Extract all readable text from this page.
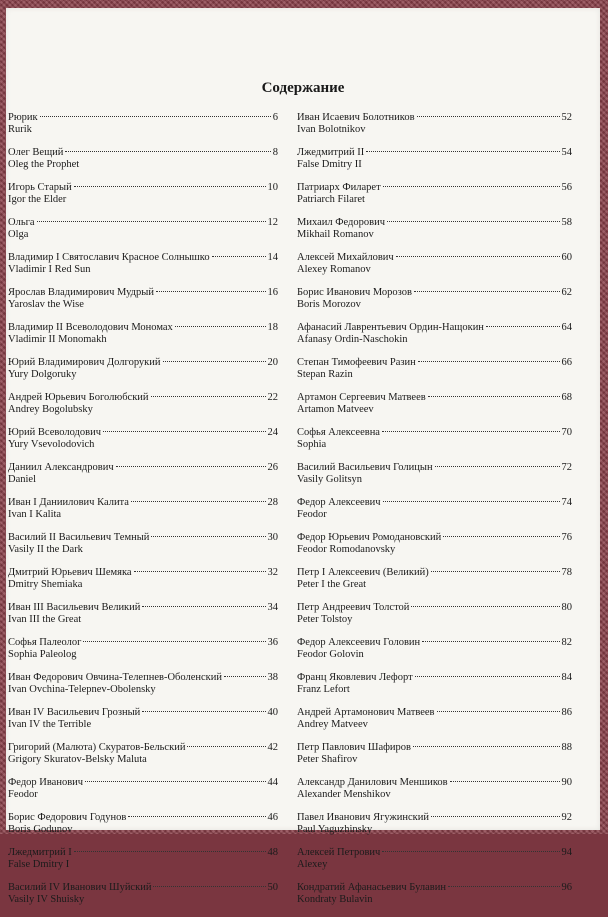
Содержание
Рюрик	6
Rurik
Олег Вещий	8
Oleg the Prophet
Игорь Старый	10
Igor the Elder
Ольга	12
Olga
Владимир I Святославич Красное Солнышко	14
Vladimir I Red Sun
Ярослав Владимирович Мудрый	16
Yaroslav the Wise
Владимир II Всеволодович Мономах	18
Vladimir II Monomakh
Юрий Владимирович Долгорукий	20
Yury Dolgoruky
Андрей Юрьевич Боголюбский	22
Andrey Bogolubsky
Юрий Всеволодович	24
Yury Vsevolodovich
Даниил Александрович	26
Daniel
Иван I Даниилович Калита	28
Ivan I Kalita
Василий II Васильевич Темный	30
Vasily II the Dark
Дмитрий Юрьевич Шемяка	32
Dmitry Shemiaka
Иван III Васильевич Великий	34
Ivan III the Great
Софья Палеолог	36
Sophia Paleolog
Иван Федорович Овчина-Телепнев-Оболенский	38
Ivan Ovchina-Telepnev-Obolensky
Иван IV Васильевич Грозный	40
Ivan IV the Terrible
Григорий (Малюта) Скуратов-Бельский	42
Grigory Skuratov-Belsky Maluta
Федор Иванович	44
Feodor
Борис Федорович Годунов	46
Boris Godunov
Лжедмитрий I	48
False Dmitry I
Василий IV Иванович Шуйский	50
Vasily IV Shuisky
Иван Исаевич Болотников	52
Ivan Bolotnikov
Лжедмитрий II	54
False Dmitry II
Патриарх Филарет	56
Patriarch Filaret
Михаил Федорович	58
Mikhail Romanov
Алексей Михайлович	60
Alexey Romanov
Борис Иванович Морозов	62
Boris Morozov
Афанасий Лаврентьевич Ордин-Нащокин	64
Afanasy Ordin-Naschokin
Степан Тимофеевич Разин	66
Stepan Razin
Артамон Сергеевич Матвеев	68
Artamon Matveev
Софья Алексеевна	70
Sophia
Василий Васильевич Голицын	72
Vasily Golitsyn
Федор Алексеевич	74
Feodor
Федор Юрьевич Ромодановский	76
Feodor Romodanovsky
Петр I Алексеевич (Великий)	78
Peter I the Great
Петр Андреевич Толстой	80
Peter Tolstoy
Федор Алексеевич Головин	82
Feodor Golovin
Франц Яковлевич Лефорт	84
Franz Lefort
Андрей Артамонович Матвеев	86
Andrey Matveev
Петр Павлович Шафиров	88
Peter Shafirov
Александр Данилович Меншиков	90
Alexander Menshikov
Павел Иванович Ягужинский	92
Paul Yaguzhinsky
Алексей Петрович	94
Alexey
Кондратий Афанасьевич Булавин	96
Kondraty Bulavin
